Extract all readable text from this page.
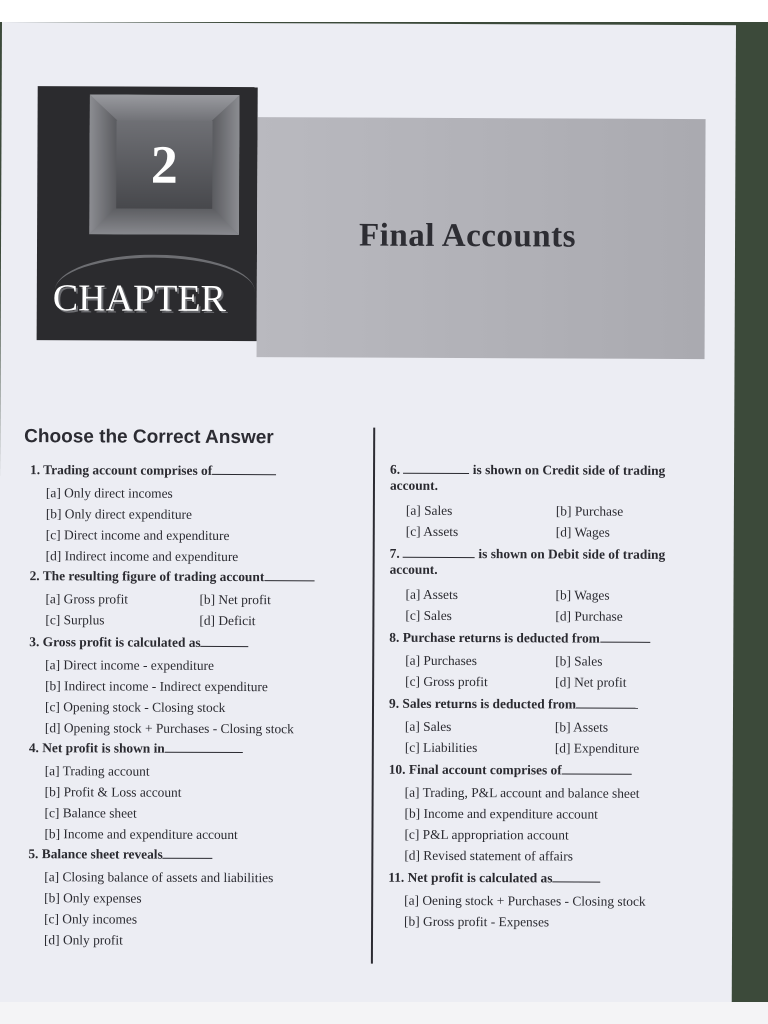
2
CHAPTER
Final Accounts
Choose the Correct Answer
1. Trading account comprises of
[a] Only direct incomes
[b] Only direct expenditure
[c] Direct income and expenditure
[d] Indirect income and expenditure
2. The resulting figure of trading account
[a] Gross profit	[b] Net profit
[c] Surplus	[d] Deficit
3. Gross profit is calculated as
[a] Direct income - expenditure
[b] Indirect income - Indirect expenditure
[c] Opening stock - Closing stock
[d] Opening stock + Purchases - Closing stock
4. Net profit is shown in
[a] Trading account
[b] Profit & Loss account
[c] Balance sheet
[b] Income and expenditure account
5. Balance sheet reveals
[a] Closing balance of assets and liabilities
[b] Only expenses
[c] Only incomes
[d] Only profit
6.	is shown on Credit side of trading account.
[a] Sales	[b] Purchase
[c] Assets	[d] Wages
7.	is shown on Debit side of trading account.
[a] Assets	[b] Wages
[c] Sales	[d] Purchase
8. Purchase returns is deducted from
[a] Purchases	[b] Sales
[c] Gross profit	[d] Net profit
9. Sales returns is deducted from
[a] Sales	[b] Assets
[c] Liabilities	[d] Expenditure
10. Final account comprises of
[a] Trading, P&L account and balance sheet
[b] Income and expenditure account
[c] P&L appropriation account
[d] Revised statement of affairs
11. Net profit is calculated as
[a] Oening stock + Purchases - Closing stock
[b] Gross profit - Expenses
